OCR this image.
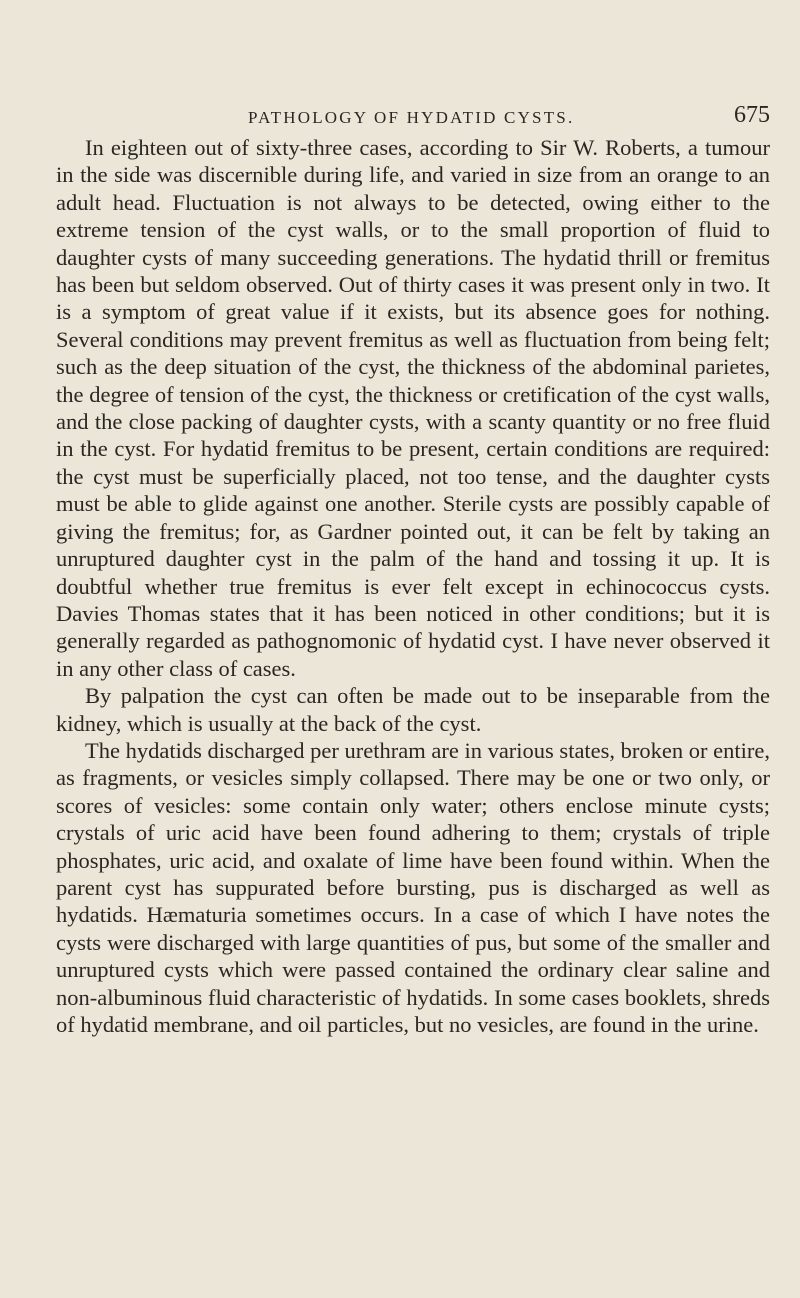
PATHOLOGY OF HYDATID CYSTS.	675

In eighteen out of sixty-three cases, according to Sir W. Roberts, a tumour in the side was discernible during life, and varied in size from an orange to an adult head. Fluctuation is not always to be detected, owing either to the extreme tension of the cyst walls, or to the small proportion of fluid to daughter cysts of many succeeding generations. The hydatid thrill or fremitus has been but seldom observed. Out of thirty cases it was present only in two. It is a symptom of great value if it exists, but its absence goes for nothing. Several conditions may prevent fremitus as well as fluctuation from being felt; such as the deep situation of the cyst, the thickness of the abdominal parietes, the degree of tension of the cyst, the thickness or cretification of the cyst walls, and the close packing of daughter cysts, with a scanty quantity or no free fluid in the cyst. For hydatid fremitus to be present, certain conditions are required: the cyst must be superficially placed, not too tense, and the daughter cysts must be able to glide against one another. Sterile cysts are possibly capable of giving the fremitus; for, as Gardner pointed out, it can be felt by taking an unruptured daughter cyst in the palm of the hand and tossing it up. It is doubtful whether true fremitus is ever felt except in echinococcus cysts. Davies Thomas states that it has been noticed in other conditions; but it is generally regarded as pathognomonic of hydatid cyst. I have never observed it in any other class of cases.

By palpation the cyst can often be made out to be inseparable from the kidney, which is usually at the back of the cyst.

The hydatids discharged per urethram are in various states, broken or entire, as fragments, or vesicles simply collapsed. There may be one or two only, or scores of vesicles: some contain only water; others enclose minute cysts; crystals of uric acid have been found adhering to them; crystals of triple phosphates, uric acid, and oxalate of lime have been found within. When the parent cyst has suppurated before bursting, pus is discharged as well as hydatids. Hæmaturia sometimes occurs. In a case of which I have notes the cysts were discharged with large quantities of pus, but some of the smaller and unruptured cysts which were passed contained the ordinary clear saline and non-albuminous fluid characteristic of hydatids. In some cases booklets, shreds of hydatid membrane, and oil particles, but no vesicles, are found in the urine.
